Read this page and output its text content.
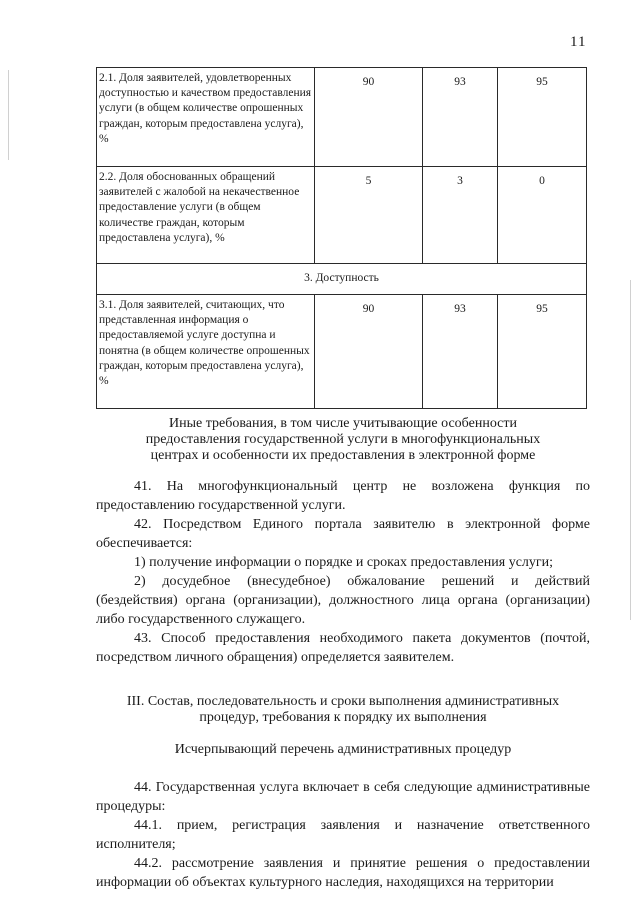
11
2.1. Доля заявителей, удовлетворенных доступностью и качеством предоставления услуги (в общем количестве опрошенных граждан, которым предоставлена услуга), %	90	93	95
2.2. Доля обоснованных обращений заявителей с жалобой на некачественное предоставление услуги (в общем количестве граждан, которым предоставлена услуга), %	5	3	0
3. Доступность			
3.1. Доля заявителей, считающих, что представленная информация о предоставляемой услуге доступна и понятна (в общем количестве опрошенных граждан, которым предоставлена услуга), %	90	93	95
Иные требования, в том числе учитывающие особенности предоставления государственной услуги в многофункциональных центрах и особенности их предоставления в электронной форме
41. На многофункциональный центр не возложена функция по предоставлению государственной услуги.
42. Посредством Единого портала заявителю в электронной форме обеспечивается:
1) получение информации о порядке и сроках предоставления услуги;
2) досудебное (внесудебное) обжалование решений и действий (бездействия) органа (организации), должностного лица органа (организации) либо государственного служащего.
43. Способ предоставления необходимого пакета документов (почтой, посредством личного обращения) определяется заявителем.
III. Состав, последовательность и сроки выполнения административных процедур, требования к порядку их выполнения
Исчерпывающий перечень административных процедур
44. Государственная услуга включает в себя следующие административные процедуры:
44.1. прием, регистрация заявления и назначение ответственного исполнителя;
44.2. рассмотрение заявления и принятие решения о предоставлении информации об объектах культурного наследия, находящихся на территории
